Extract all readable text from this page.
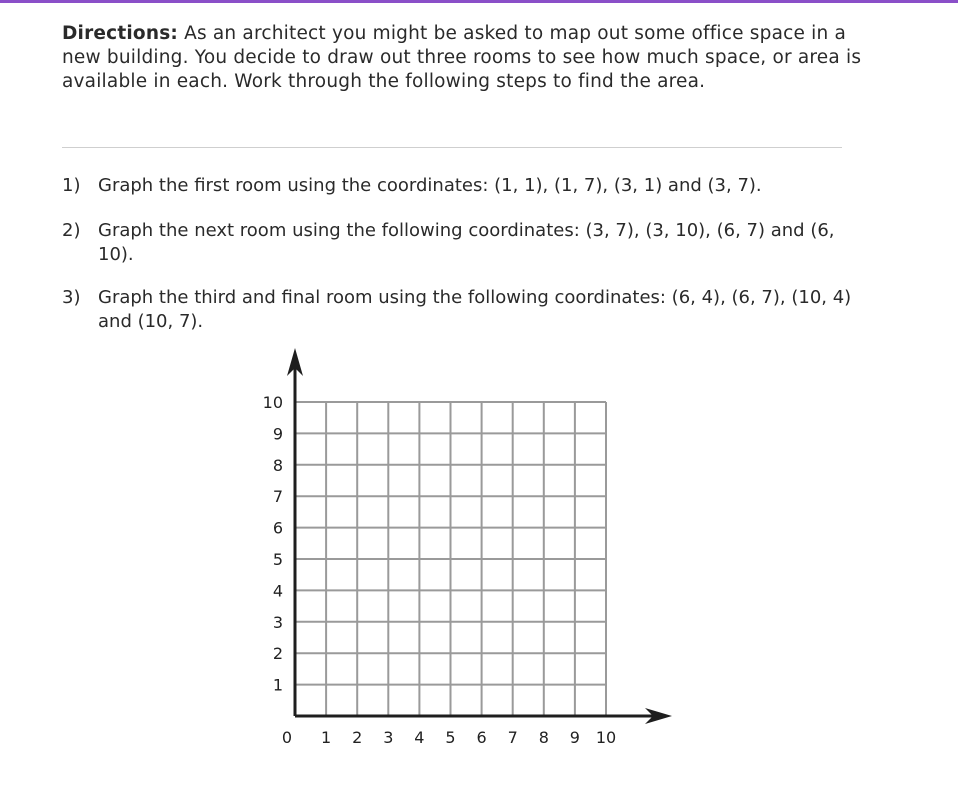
Directions: As an architect you might be asked to map out some office space in a new building. You decide to draw out three rooms to see how much space, or area is available in each. Work through the following steps to find the area.
1) Graph the first room using the coordinates: (1, 1), (1, 7), (3, 1) and (3, 7).
2) Graph the next room using the following coordinates: (3, 7), (3, 10), (6, 7) and (6, 10).
3) Graph the third and final room using the following coordinates: (6, 4), (6, 7), (10, 4) and (10, 7).
0 1 2 3 4 5 6 7 8 9 10
1
2
3
4
5
6
7
8
9
10
